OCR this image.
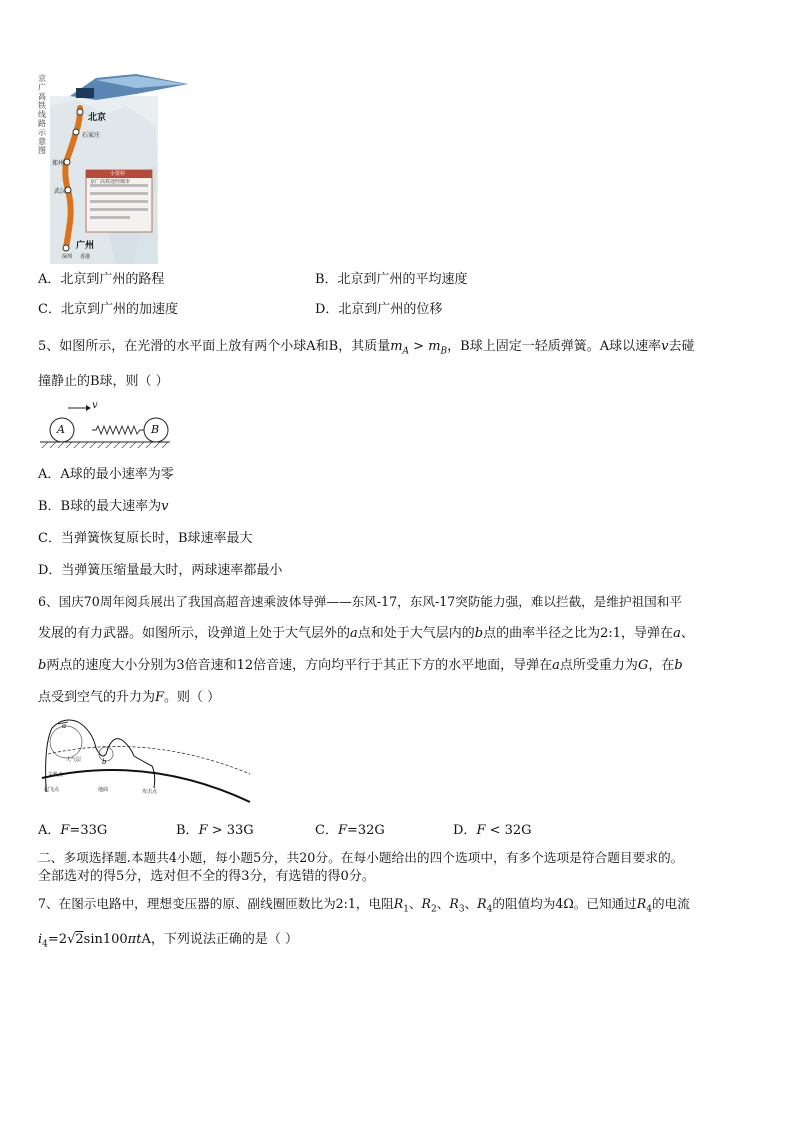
京
广
高
铁
线
路
示
意
图
北京
石家庄
郑州
武汉
广州
深圳 香港
小资料
京广高铁途经城市
A．北京到广州的路程	B．北京到广州的平均速度
C．北京到广州的加速度	D．北京到广州的位移
5、如图所示，在光滑的水平面上放有两个小球A和B，其质量$m_A > m_B$，B球上固定一轻质弹簧。A球以速率v去碰
撞静止的B球，则（ ）
A	B
v
A．A球的最小速率为零
B．B球的最大速率为v
C．当弹簧恢复原长时，B球速率最大
D．当弹簧压缩量最大时，两球速率都最小
6、国庆70周年阅兵展出了我国高超音速乘波体导弹——东风-17，东风-17突防能力强，难以拦截，是维护祖国和平
发展的有力武器。如图所示，设弹道上处于大气层外的a点和处于大气层内的b点的曲率半径之比为2:1，导弹在a、
b两点的速度大小分别为3倍音速和12倍音速，方向均平行于其正下方的水平地面，导弹在a点所受重力为G，在b
点受到空气的升力为F。则（ ）
大气层
关机点
起飞点	地面	攻击点
a
b
A．F=33G	B．F > 33G	C．F=32G	D．F < 32G
二、多项选择题.本题共4小题，每小题5分，共20分。在每小题给出的四个选项中，有多个选项是符合题目要求的。
全部选对的得5分，选对但不全的得3分，有选错的得0分。
7、在图示电路中，理想变压器的原、副线圈匝数比为2:1，电阻$R_1$、$R_2$、$R_3$、$R_4$的阻值均为4Ω。已知通过$R_4$的电流
$i_4=2√2\sin 100\pi tA$，下列说法正确的是（ ）
